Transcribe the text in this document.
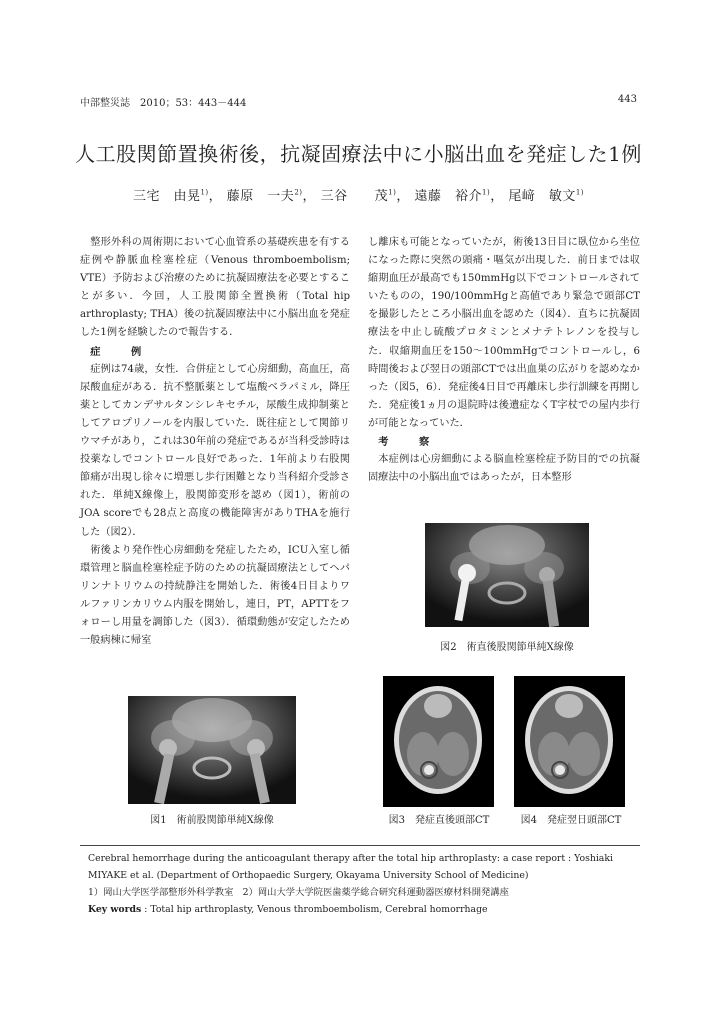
中部整災誌　2010；53：443－444	443
人工股関節置換術後，抗凝固療法中に小脳出血を発症した1例
三宅　由晃$^{1)}$， 藤原　一夫$^{2)}$， 三谷　　茂$^{1)}$， 遠藤　裕介$^{1)}$， 尾﨑　敏文$^{1)}$

整形外科の周術期において心血管系の基礎疾患を有する症例や静脈血栓塞栓症（Venous thromboembolism; VTE）予防および治療のために抗凝固療法を必要とすることが多い．今回，人工股関節全置換術（Total hip arthroplasty; THA）後の抗凝固療法中に小脳出血を発症した1例を経験したので報告する．

症例

症例は74歳，女性．合併症として心房細動，高血圧，高尿酸血症がある．抗不整脈薬として塩酸ベラパミル，降圧薬としてカンデサルタンシレキセチル，尿酸生成抑制薬としてアロプリノールを内服していた．既往症として関節リウマチがあり，これは30年前の発症であるが当科受診時は投薬なしでコントロール良好であった．1年前より右股関節痛が出現し徐々に増悪し歩行困難となり当科紹介受診された．単純X線像上，股関節変形を認め（図1），術前のJOA scoreでも28点と高度の機能障害がありTHAを施行した（図2）．

術後より発作性心房細動を発症したため，ICU入室し循環管理と脳血栓塞栓症予防のための抗凝固療法としてヘパリンナトリウムの持続静注を開始した．術後4日目よりワルファリンカリウム内服を開始し，連日，PT，APTTをフォローし用量を調節した（図3）．循環動態が安定したため一般病棟に帰室

し離床も可能となっていたが，術後13日目に臥位から坐位になった際に突然の頭痛・嘔気が出現した．前日までは収縮期血圧が最高でも150mmHg以下でコントロールされていたものの，190/100mmHgと高値であり緊急で頭部CTを撮影したところ小脳出血を認めた（図4）．直ちに抗凝固療法を中止し硫酸プロタミンとメナテトレノンを投与した．収縮期血圧を150～100mmHgでコントロールし，6時間後および翌日の頭部CTでは出血巣の広がりを認めなかった（図5，6）．発症後4日目で再離床し歩行訓練を再開した．発症後1ヵ月の退院時は後遺症なくT字杖での屋内歩行が可能となっていた．

考察

本症例は心房細動による脳血栓塞栓症予防目的での抗凝固療法中の小脳出血ではあったが，日本整形

図2　術直後股関節単純X線像
図1　術前股関節単純X線像	図3　発症直後頭部CT	図4　発症翌日頭部CT

Cerebral hemorrhage during the anticoagulant therapy after the total hip arthroplasty: a case report : Yoshiaki MIYAKE et al. (Department of Orthopaedic Surgery, Okayama University School of Medicine)

1）岡山大学医学部整形外科学教室　2）岡山大学大学院医歯薬学総合研究科運動器医療材料開発講座

Key words : Total hip arthroplasty, Venous thromboembolism, Cerebral homorrhage
